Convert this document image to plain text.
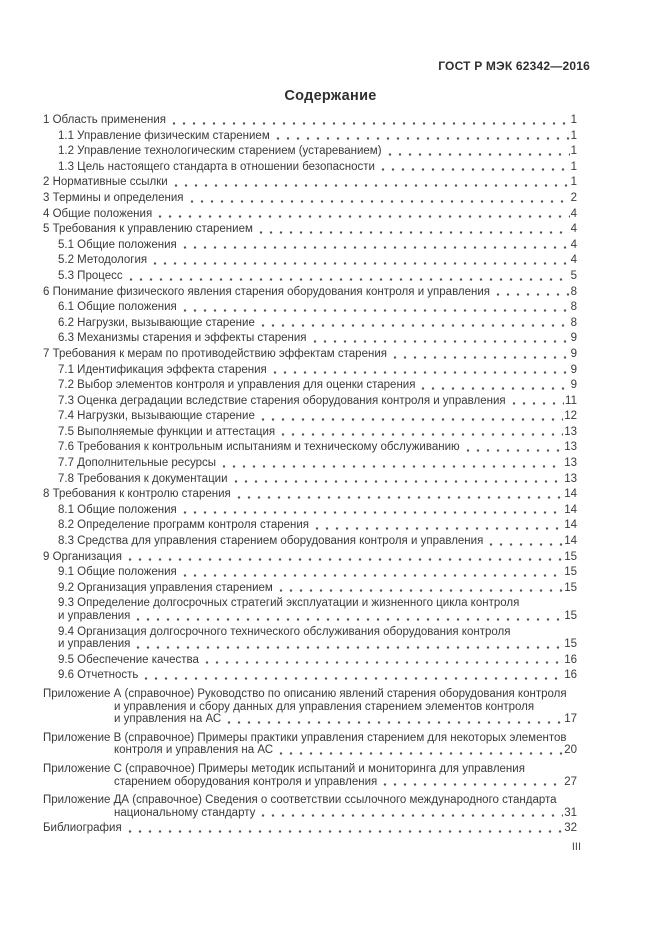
ГОСТ Р МЭК 62342—2016
Содержание
1 Область применения	1
1.1 Управление физическим старением	1
1.2 Управление технологическим старением (устареванием)	1
1.3 Цель настоящего стандарта в отношении безопасности	1
2 Нормативные ссылки	1
3 Термины и определения	2
4 Общие положения	4
5 Требования к управлению старением	4
5.1 Общие положения	4
5.2 Методология	4
5.3 Процесс	5
6 Понимание физического явления старения оборудования контроля и управления	8
6.1 Общие положения	8
6.2 Нагрузки, вызывающие старение	8
6.3 Механизмы старения и эффекты старения	9
7 Требования к мерам по противодействию эффектам старения	9
7.1 Идентификация эффекта старения	9
7.2 Выбор элементов контроля и управления для оценки старения	9
7.3 Оценка деградации вследствие старения оборудования контроля и управления	11
7.4 Нагрузки, вызывающие старение	12
7.5 Выполняемые функции и аттестация	13
7.6 Требования к контрольным испытаниям и техническому обслуживанию	13
7.7 Дополнительные ресурсы	13
7.8 Требования к документации	13
8 Требования к контролю старения	14
8.1 Общие положения	14
8.2 Определение программ контроля старения	14
8.3 Средства для управления старением оборудования контроля и управления	14
9 Организация	15
9.1 Общие положения	15
9.2 Организация управления старением	15
9.3 Определение долгосрочных стратегий эксплуатации и жизненного цикла контроля
и управления	15
9.4 Организация долгосрочного технического обслуживания оборудования контроля
и управления	15
9.5 Обеспечение качества	16
9.6 Отчетность	16
Приложение А (справочное) Руководство по описанию явлений старения оборудования контроля
и управления и сбору данных для управления старением элементов контроля
и управления на АС	17
Приложение В (справочное) Примеры практики управления старением для некоторых элементов
контроля и управления на АС	20
Приложение С (справочное) Примеры методик испытаний и мониторинга для управления
старением оборудования контроля и управления	27
Приложение ДА (справочное) Сведения о соответствии ссылочного международного стандарта
национальному стандарту	31
Библиография	32
III
